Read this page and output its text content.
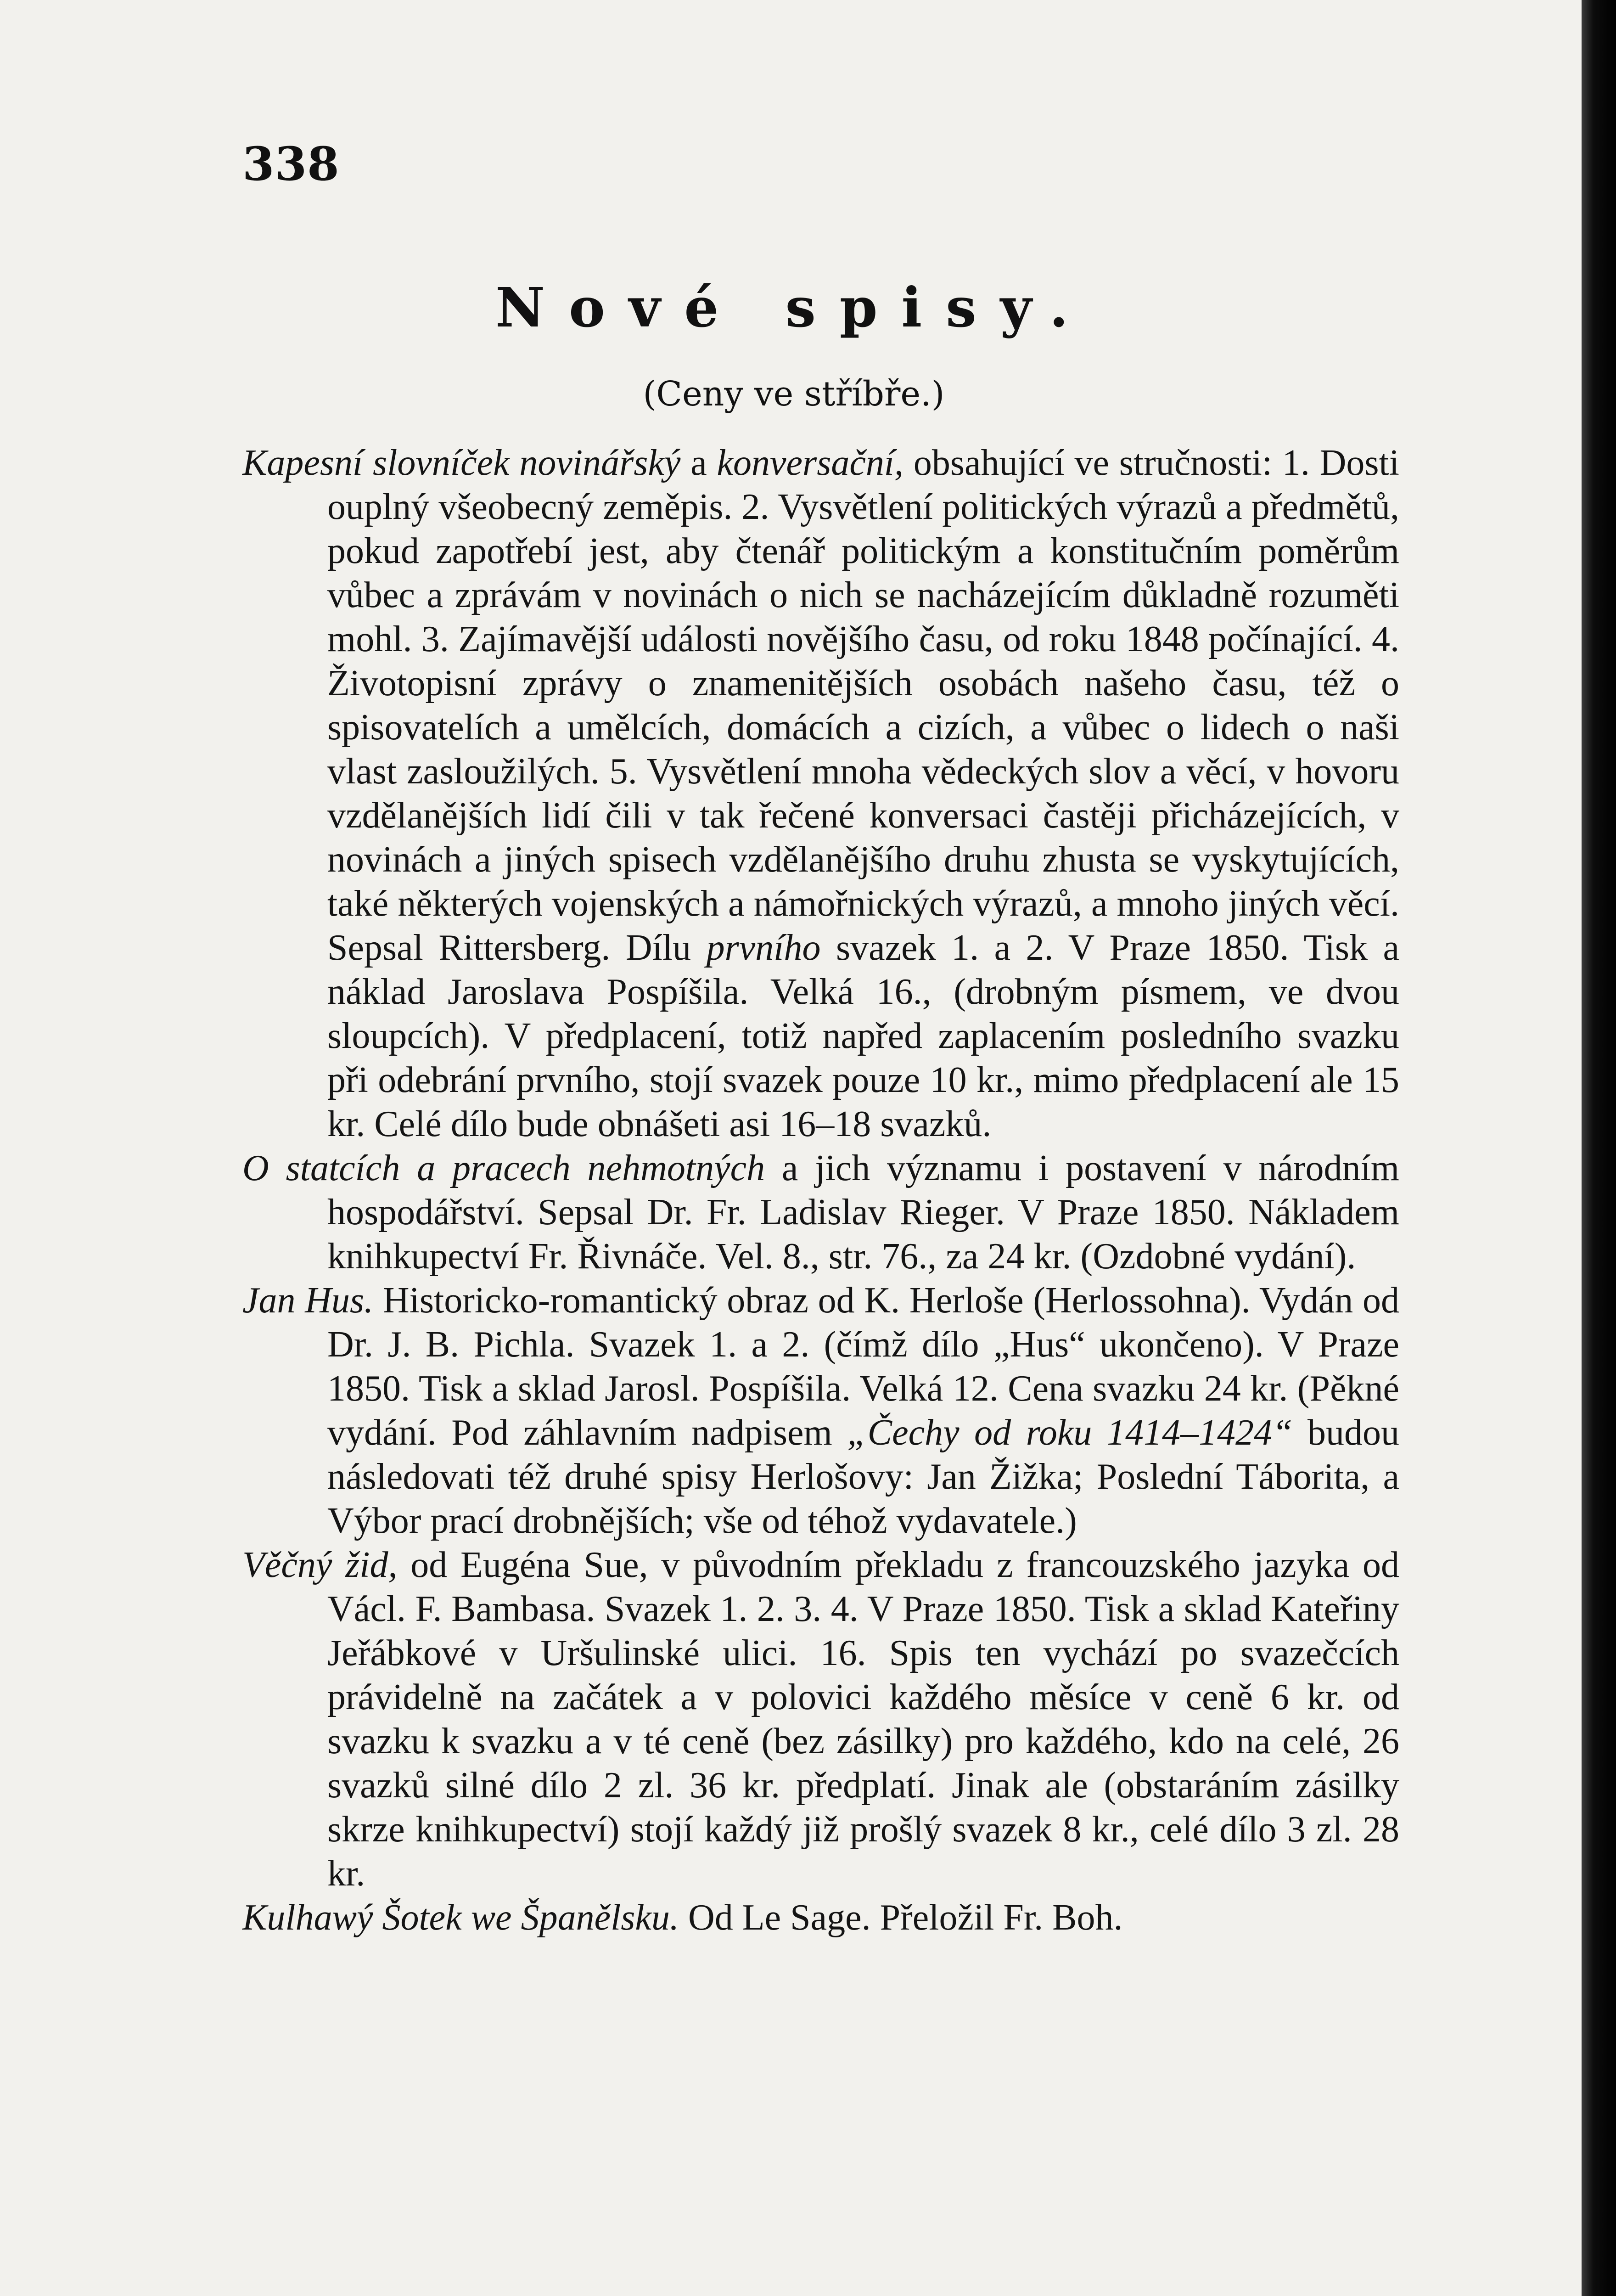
338
Nové spisy.
(Ceny ve stříbře.)

Kapesní slovníček novinářský a konversační, obsahující ve stručnosti: 1. Dosti ouplný všeobecný zeměpis. 2. Vysvětlení politických výrazů a předmětů, pokud zapotřebí jest, aby čtenář politickým a konstitučním poměrům vůbec a zprávám v novinách o nich se nacházejícím důkladně rozuměti mohl. 3. Zajímavější události novějšího času, od roku 1848 počínající. 4. Životopisní zprávy o znamenitějších osobách našeho času, též o spisovatelích a umělcích, domácích a cizích, a vůbec o lidech o naši vlast zasloužilých. 5. Vysvětlení mnoha vědeckých slov a věcí, v hovoru vzdělanějších lidí čili v tak řečené konversaci častěji přicházejících, v novinách a jiných spisech vzdělanějšího druhu zhusta se vyskytujících, také některých vojenských a námořnických výrazů, a mnoho jiných věcí. Sepsal Rittersberg. Dílu prvního svazek 1. a 2. V Praze 1850. Tisk a náklad Jaroslava Pospíšila. Velká 16., (drobným písmem, ve dvou sloupcích). V předplacení, totiž napřed zaplacením posledního svazku při odebrání prvního, stojí svazek pouze 10 kr., mimo předplacení ale 15 kr. Celé dílo bude obnášeti asi 16–18 svazků.

O statcích a pracech nehmotných a jich významu i postavení v národním hospodářství. Sepsal Dr. Fr. Ladislav Rieger. V Praze 1850. Nákladem knihkupectví Fr. Řivnáče. Vel. 8., str. 76., za 24 kr. (Ozdobné vydání).

Jan Hus. Historicko-romantický obraz od K. Herloše (Herlossohna). Vydán od Dr. J. B. Pichla. Svazek 1. a 2. (čímž dílo „Hus“ ukončeno). V Praze 1850. Tisk a sklad Jarosl. Pospíšila. Velká 12. Cena svazku 24 kr. (Pěkné vydání. Pod záhlavním nadpisem „Čechy od roku 1414–1424“ budou následovati též druhé spisy Herlošovy: Jan Žižka; Poslední Táborita, a Výbor prací drobnějších; vše od téhož vydavatele.)

Věčný žid, od Eugéna Sue, v původním překladu z francouzského jazyka od Václ. F. Bambasa. Svazek 1. 2. 3. 4. V Praze 1850. Tisk a sklad Kateřiny Jeřábkové v Uršulinské ulici. 16. Spis ten vychází po svazečcích právidelně na začátek a v polovici každého měsíce v ceně 6 kr. od svazku k svazku a v té ceně (bez zásilky) pro každého, kdo na celé, 26 svazků silné dílo 2 zl. 36 kr. předplatí. Jinak ale (obstaráním zásilky skrze knihkupectví) stojí každý již prošlý svazek 8 kr., celé dílo 3 zl. 28 kr.

Kulhawý Šotek we Španělsku. Od Le Sage. Přeložil Fr. Boh.
